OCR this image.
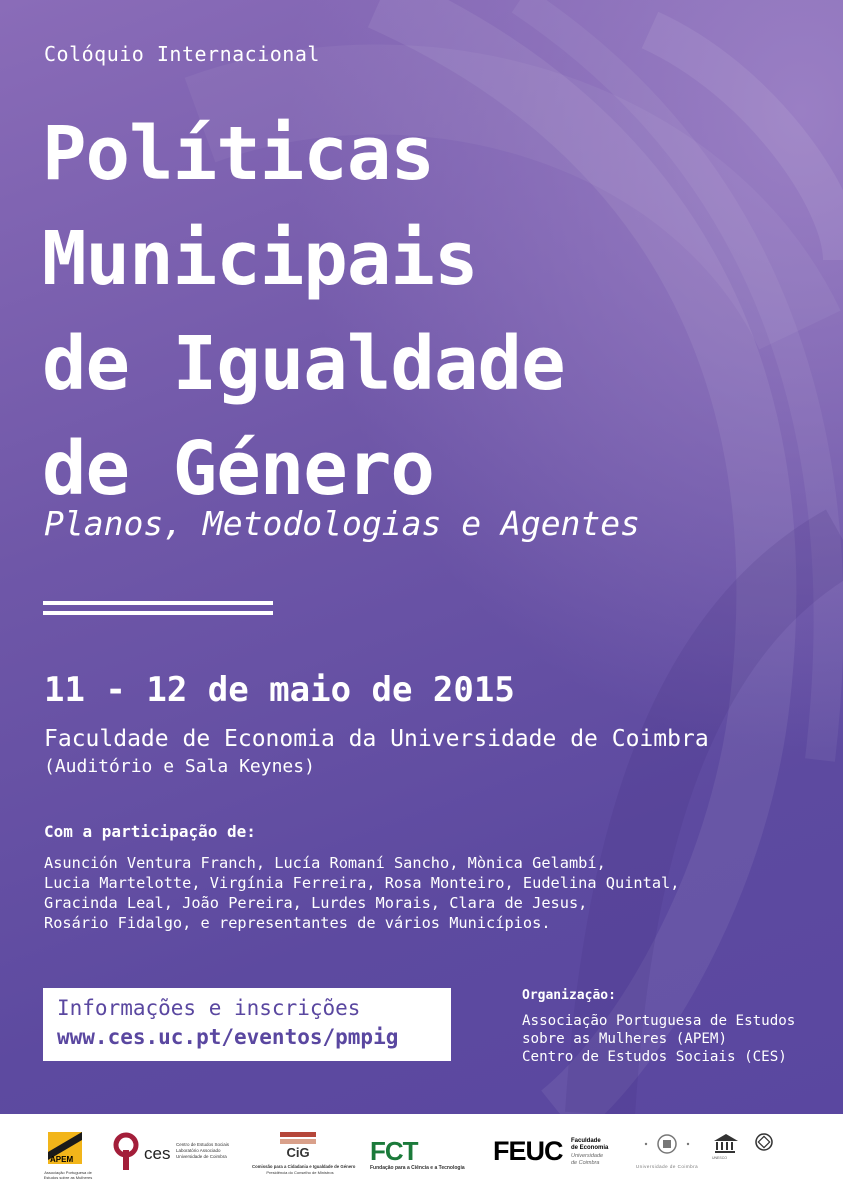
Colóquio Internacional
Políticas
Municipais
de Igualdade
de Género
Planos, Metodologias e Agentes
11 - 12 de maio de 2015
Faculdade de Economia da Universidade de Coimbra
(Auditório e Sala Keynes)
Com a participação de:
Asunción Ventura Franch, Lucía Romaní Sancho, Mònica Gelambí,
Lucia Martelotte, Virgínia Ferreira, Rosa Monteiro, Eudelina Quintal,
Gracinda Leal, João Pereira, Lurdes Morais, Clara de Jesus,
Rosário Fidalgo, e representantes de vários Municípios.
Informações e inscrições
www.ces.uc.pt/eventos/pmpig
Organização:
Associação Portuguesa de Estudos
sobre as Mulheres (APEM)
Centro de Estudos Sociais (CES)
APEM
Associação Portuguesa de Estudos sobre as Mulheres
ces Centro de Estudos Sociais
Laboratório Associado
Universidade de Coimbra	CiG
Comissão para a Cidadania e Igualdade de Género
Presidência do Conselho de Ministros
FCT
Fundação para a Ciência e a Tecnologia
FEUC Faculdade
de Economia
Universidade
de Coimbra
Universidade de Coimbra
UNESCO
